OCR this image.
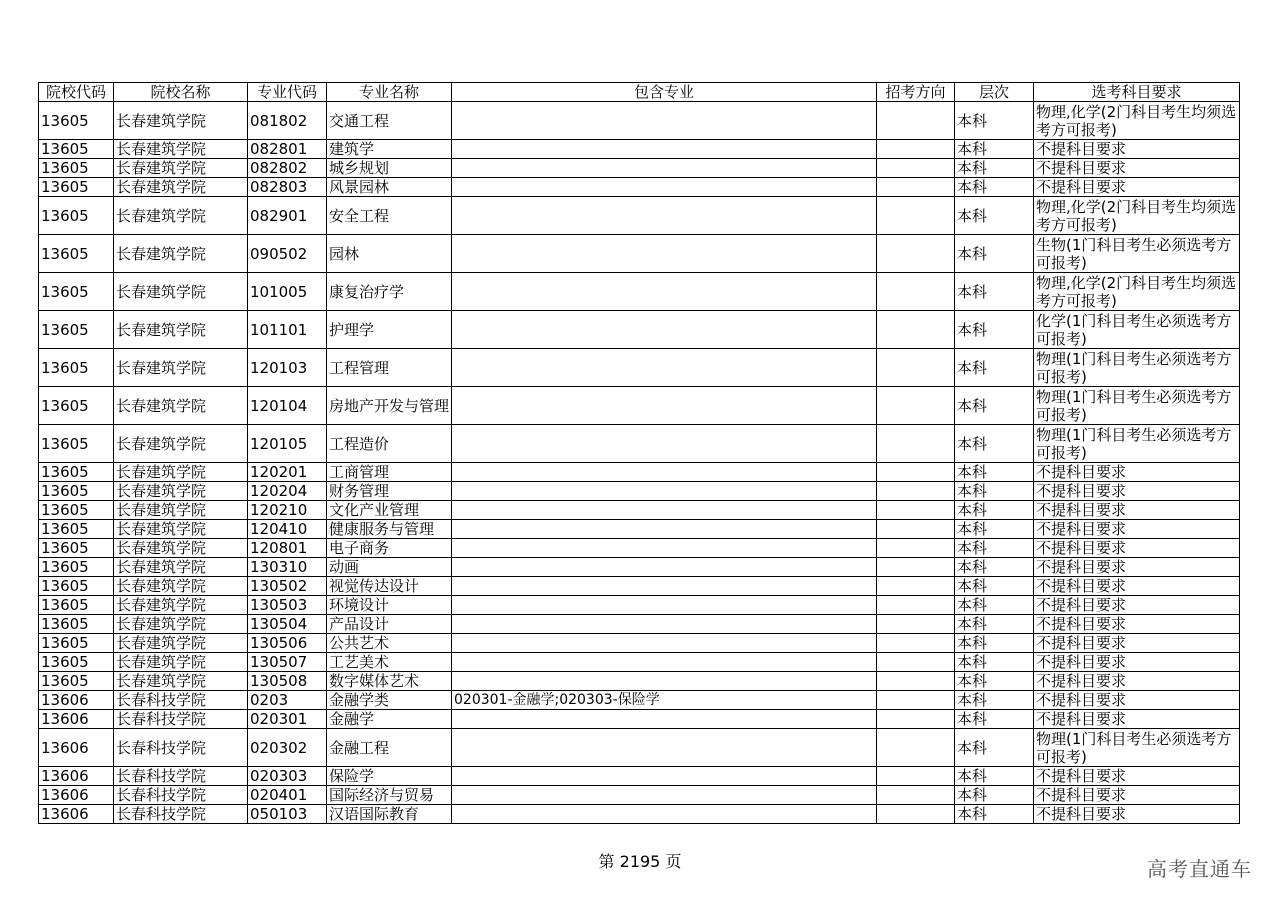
院校代码	院校名称	专业代码	专业名称	包含专业	招考方向	层次	选考科目要求
13605	长春建筑学院	081802	交通工程			本科	物理,化学(2门科目考生均须选考方可报考)
13605	长春建筑学院	082801	建筑学			本科	不提科目要求
13605	长春建筑学院	082802	城乡规划			本科	不提科目要求
13605	长春建筑学院	082803	风景园林			本科	不提科目要求
13605	长春建筑学院	082901	安全工程			本科	物理,化学(2门科目考生均须选考方可报考)
13605	长春建筑学院	090502	园林			本科	生物(1门科目考生必须选考方可报考)
13605	长春建筑学院	101005	康复治疗学			本科	物理,化学(2门科目考生均须选考方可报考)
13605	长春建筑学院	101101	护理学			本科	化学(1门科目考生必须选考方可报考)
13605	长春建筑学院	120103	工程管理			本科	物理(1门科目考生必须选考方可报考)
13605	长春建筑学院	120104	房地产开发与管理			本科	物理(1门科目考生必须选考方可报考)
13605	长春建筑学院	120105	工程造价			本科	物理(1门科目考生必须选考方可报考)
13605	长春建筑学院	120201	工商管理			本科	不提科目要求
13605	长春建筑学院	120204	财务管理			本科	不提科目要求
13605	长春建筑学院	120210	文化产业管理			本科	不提科目要求
13605	长春建筑学院	120410	健康服务与管理			本科	不提科目要求
13605	长春建筑学院	120801	电子商务			本科	不提科目要求
13605	长春建筑学院	130310	动画			本科	不提科目要求
13605	长春建筑学院	130502	视觉传达设计			本科	不提科目要求
13605	长春建筑学院	130503	环境设计			本科	不提科目要求
13605	长春建筑学院	130504	产品设计			本科	不提科目要求
13605	长春建筑学院	130506	公共艺术			本科	不提科目要求
13605	长春建筑学院	130507	工艺美术			本科	不提科目要求
13605	长春建筑学院	130508	数字媒体艺术			本科	不提科目要求
13606	长春科技学院	0203	金融学类	020301-金融学;020303-保险学		本科	不提科目要求
13606	长春科技学院	020301	金融学			本科	不提科目要求
13606	长春科技学院	020302	金融工程			本科	物理(1门科目考生必须选考方可报考)
13606	长春科技学院	020303	保险学			本科	不提科目要求
13606	长春科技学院	020401	国际经济与贸易			本科	不提科目要求
13606	长春科技学院	050103	汉语国际教育			本科	不提科目要求
第 2195 页	高考直通车
